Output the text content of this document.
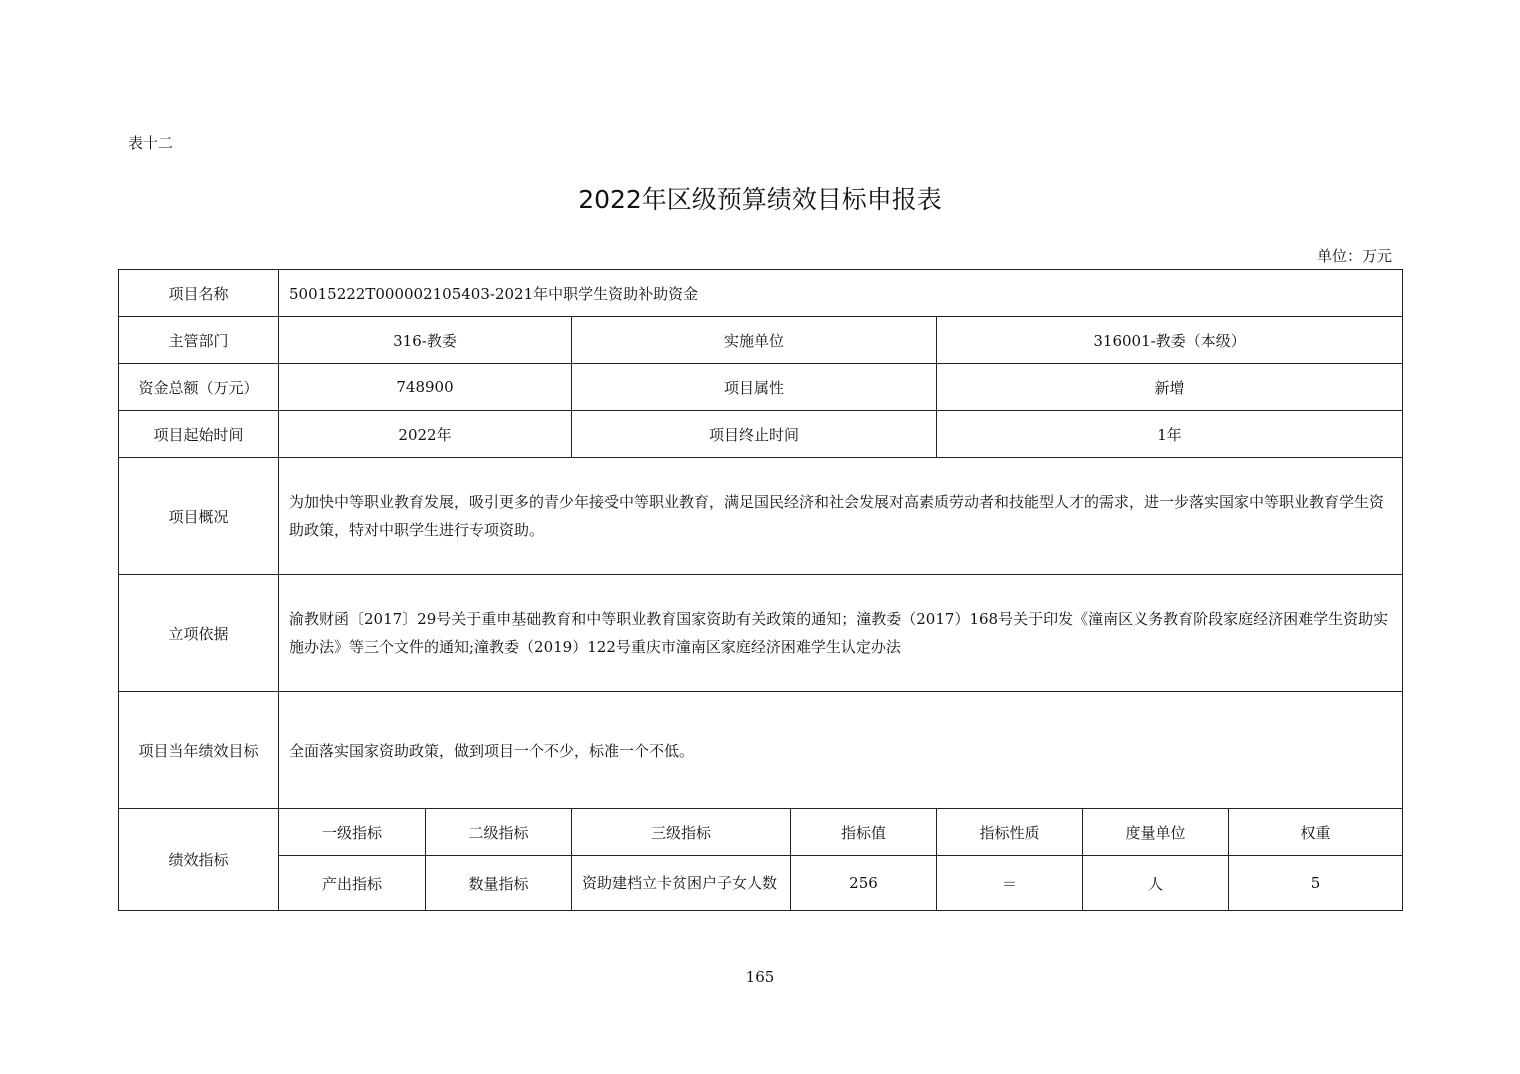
表十二
2022年区级预算绩效目标申报表
单位：万元
项目名称	50015222T000002105403-2021年中职学生资助补助资金						
主管部门	316-教委		实施单位		316001-教委（本级）		
资金总额（万元）	748900		项目属性		新增		
项目起始时间	2022年		项目终止时间		1年		
项目概况	为加快中等职业教育发展，吸引更多的青少年接受中等职业教育，满足国民经济和社会发展对高素质劳动者和技能型人才的需求，进一步落实国家中等职业教育学生资助政策，特对中职学生进行专项资助。						
立项依据	渝教财函〔2017〕29号关于重申基础教育和中等职业教育国家资助有关政策的通知；潼教委（2017）168号关于印发《潼南区义务教育阶段家庭经济困难学生资助实施办法》等三个文件的通知;潼教委（2019）122号重庆市潼南区家庭经济困难学生认定办法						
项目当年绩效目标	全面落实国家资助政策，做到项目一个不少，标准一个不低。						
绩效指标	一级指标	二级指标	三级指标	指标值	指标性质	度量单位	权重
	产出指标	数量指标	资助建档立卡贫困户子女人数	256	＝	人	5
165
